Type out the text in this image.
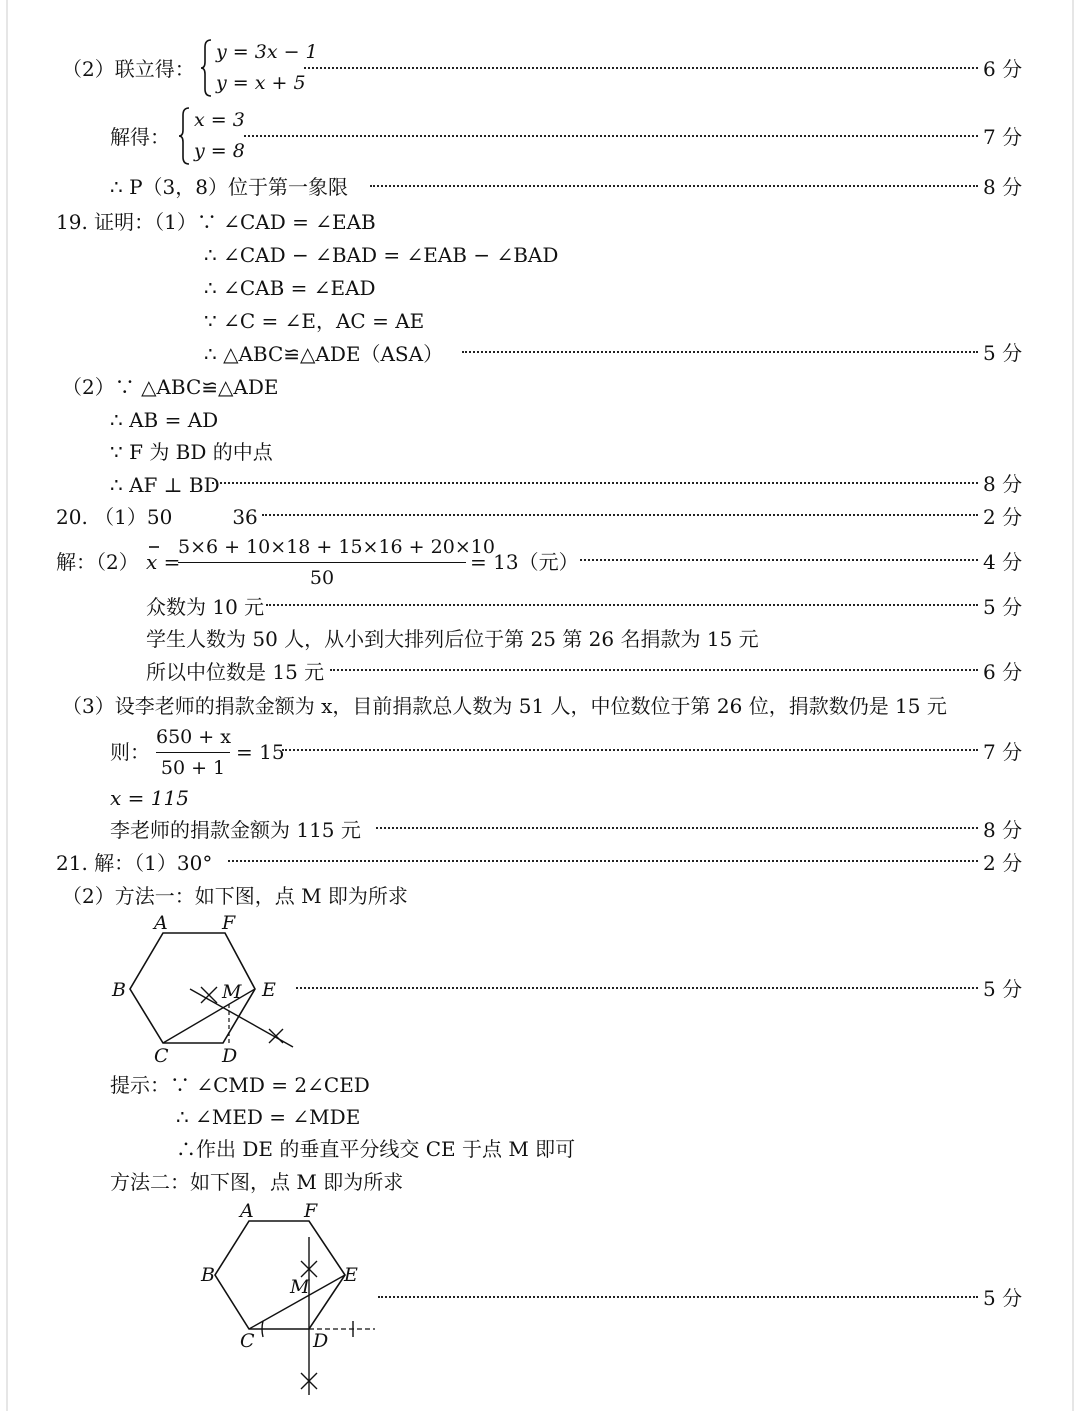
（2）联立得：
y = 3x − 1
y = x + 5
6 分
解得：
x = 3
y = 8
7 分
∴ P（3，8）位于第一象限	8 分
19. 证明：（1）∵ ∠CAD = ∠EAB
∴ ∠CAD − ∠BAD = ∠EAB − ∠BAD
∴ ∠CAB = ∠EAD
∵ ∠C = ∠E，AC = AE
∴ △ABC≌△ADE（ASA）	5 分
（2）∵ △ABC≌△ADE
∴ AB = AD
∵ F 为 BD 的中点
∴ AF ⊥ BD	8 分
20. （1）50　　　36	2 分
解：（2） x =
5×6 + 10×18 + 15×16 + 20×10
50
= 13（元）	4 分
众数为 10 元	5 分
学生人数为 50 人，从小到大排列后位于第 25 第 26 名捐款为 15 元
所以中位数是 15 元	6 分
（3）设李老师的捐款金额为 x，目前捐款总人数为 51 人，中位数位于第 26 位，捐款数仍是 15 元
则：
650 + x
50 + 1
= 15	7 分
x = 115
李老师的捐款金额为 115 元	8 分
21. 解：（1）30°	2 分
（2）方法一：如下图，点 M 即为所求
A	F
B	M E
C	D
5 分
提示：∵ ∠CMD = 2∠CED
∴ ∠MED = ∠MDE
∴作出 DE 的垂直平分线交 CE 于点 M 即可
方法二：如下图，点 M 即为所求
A	F
B
M
E
C	D
5 分
